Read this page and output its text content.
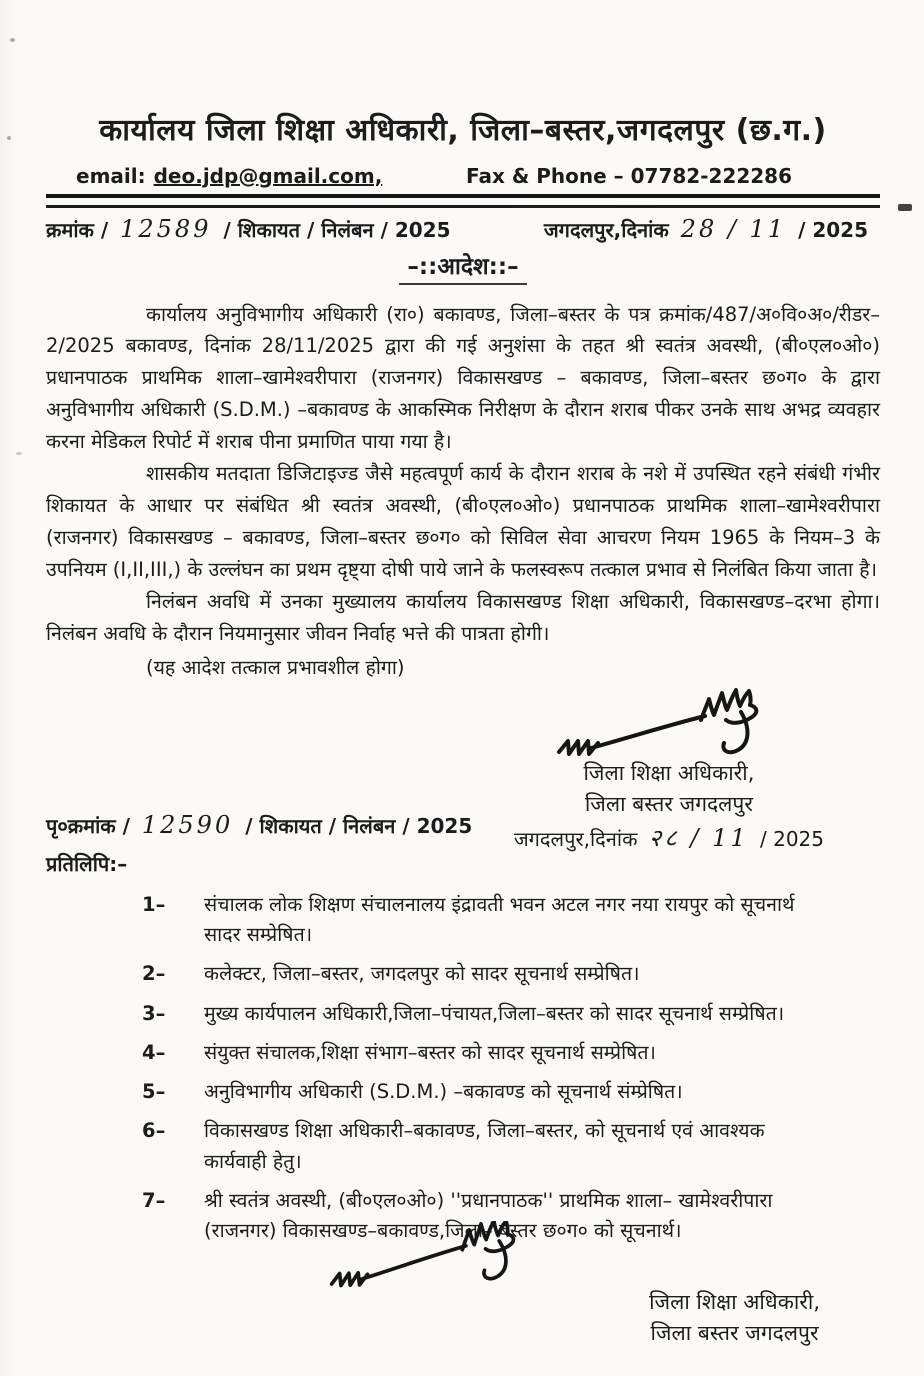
कार्यालय जिला शिक्षा अधिकारी, जिला–बस्तर,जगदलपुर (छ.ग.)
email: deo.jdp@gmail.com,	Fax & Phone – 07782-222286
क्रमांक / 12589 / शिकायत / निलंबन / 2025	जगदलपुर,दिनांक 28 / 11 / 2025
–::आदेश::–

कार्यालय अनुविभागीय अधिकारी (रा०) बकावण्ड, जिला–बस्तर के पत्र क्रमांक/487/अ०वि०अ०/रीडर–2/2025 बकावण्ड, दिनांक 28/11/2025 द्वारा की गई अनुशंसा के तहत श्री स्वतंत्र अवस्थी, (बी०एल०ओ०) प्रधानपाठक प्राथमिक शाला–खामेश्वरीपारा (राजनगर) विकासखण्ड – बकावण्ड, जिला–बस्तर छ०ग० के द्वारा अनुविभागीय अधिकारी (S.D.M.) –बकावण्ड के आकस्मिक निरीक्षण के दौरान शराब पीकर उनके साथ अभद्र व्यवहार करना मेडिकल रिपोर्ट में शराब पीना प्रमाणित पाया गया है।

शासकीय मतदाता डिजिटाइज्ड जैसे महत्वपूर्ण कार्य के दौरान शराब के नशे में उपस्थित रहने संबंधी गंभीर शिकायत के आधार पर संबंधित श्री स्वतंत्र अवस्थी, (बी०एल०ओ०) प्रधानपाठक प्राथमिक शाला–खामेश्वरीपारा (राजनगर) विकासखण्ड – बकावण्ड, जिला–बस्तर छ०ग० को सिविल सेवा आचरण नियम 1965 के नियम–3 के उपनियम (I,II,III,) के उल्लंघन का प्रथम दृष्ट्या दोषी पाये जाने के फलस्वरूप तत्काल प्रभाव से निलंबित किया जाता है।

निलंबन अवधि में उनका मुख्यालय कार्यालय विकासखण्ड शिक्षा अधिकारी, विकासखण्ड–दरभा होगा। निलंबन अवधि के दौरान नियमानुसार जीवन निर्वाह भत्ते की पात्रता होगी।

(यह आदेश तत्काल प्रभावशील होगा)

पृ०क्रमांक / 12590 / शिकायत / निलंबन / 2025
प्रतिलिपि:–
जिला शिक्षा अधिकारी,
जिला बस्तर जगदलपुर
जगदलपुर,दिनांक २८ / 11 / 2025
1–	संचालक लोक शिक्षण संचालनालय इंद्रावती भवन अटल नगर नया रायपुर को सूचनार्थ सादर सम्प्रेषित।
2–	कलेक्टर, जिला–बस्तर, जगदलपुर को सादर सूचनार्थ सम्प्रेषित।
3–	मुख्य कार्यपालन अधिकारी,जिला–पंचायत,जिला–बस्तर को सादर सूचनार्थ सम्प्रेषित।
4–	संयुक्त संचालक,शिक्षा संभाग–बस्तर को सादर सूचनार्थ सम्प्रेषित।
5–	अनुविभागीय अधिकारी (S.D.M.) –बकावण्ड को सूचनार्थ संम्प्रेषित।
6–	विकासखण्ड शिक्षा अधिकारी–बकावण्ड, जिला–बस्तर, को सूचनार्थ एवं आवश्यक कार्यवाही हेतु।
7–	श्री स्वतंत्र अवस्थी, (बी०एल०ओ०) ''प्रधानपाठक'' प्राथमिक शाला– खामेश्वरीपारा (राजनगर) विकासखण्ड–बकावण्ड,जिला– बस्तर छ०ग० को सूचनार्थ।
जिला शिक्षा अधिकारी,
जिला बस्तर जगदलपुर
